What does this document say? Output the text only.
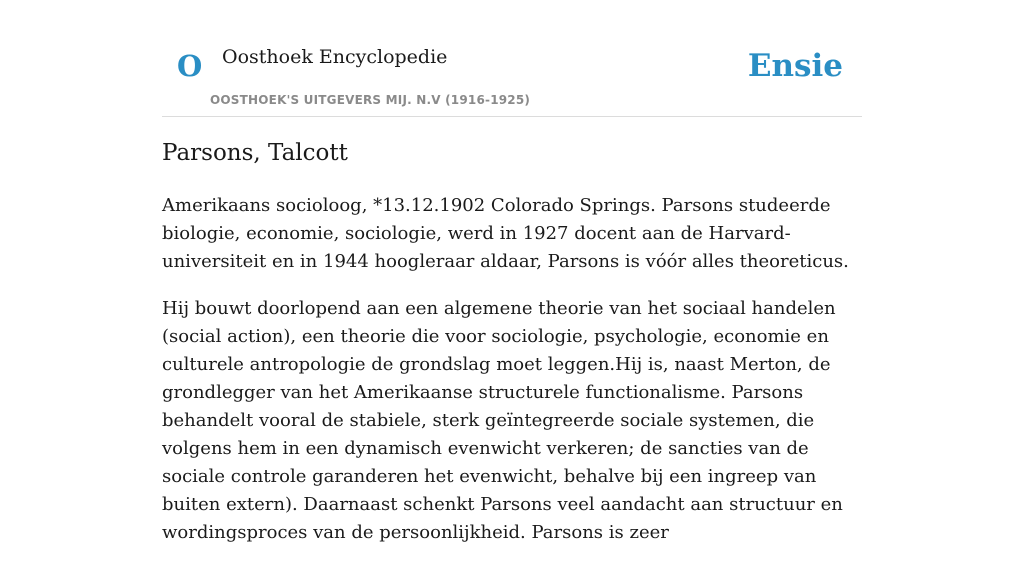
O Oosthoek Encyclopedie
OOSTHOEK'S UITGEVERS MIJ. N.V (1916-1925)
Ensie
Parsons, Talcott

Amerikaans socioloog, *13.12.1902 Colorado Springs. Parsons studeerde biologie, economie, sociologie, werd in 1927 docent aan de Harvard-universiteit en in 1944 hoogleraar aldaar, Parsons is vóór alles theoreticus.

Hij bouwt doorlopend aan een algemene theorie van het sociaal handelen (social action), een theorie die voor sociologie, psychologie, economie en culturele antropologie de grondslag moet leggen.Hij is, naast Merton, de grondlegger van het Amerikaanse structurele functionalisme. Parsons behandelt vooral de stabiele, sterk geïntegreerde sociale systemen, die volgens hem in een dynamisch evenwicht verkeren; de sancties van de sociale controle garanderen het evenwicht, behalve bij een ingreep van buiten extern). Daarnaast schenkt Parsons veel aandacht aan structuur en wordingsproces van de persoonlijkheid. Parsons is zeer
